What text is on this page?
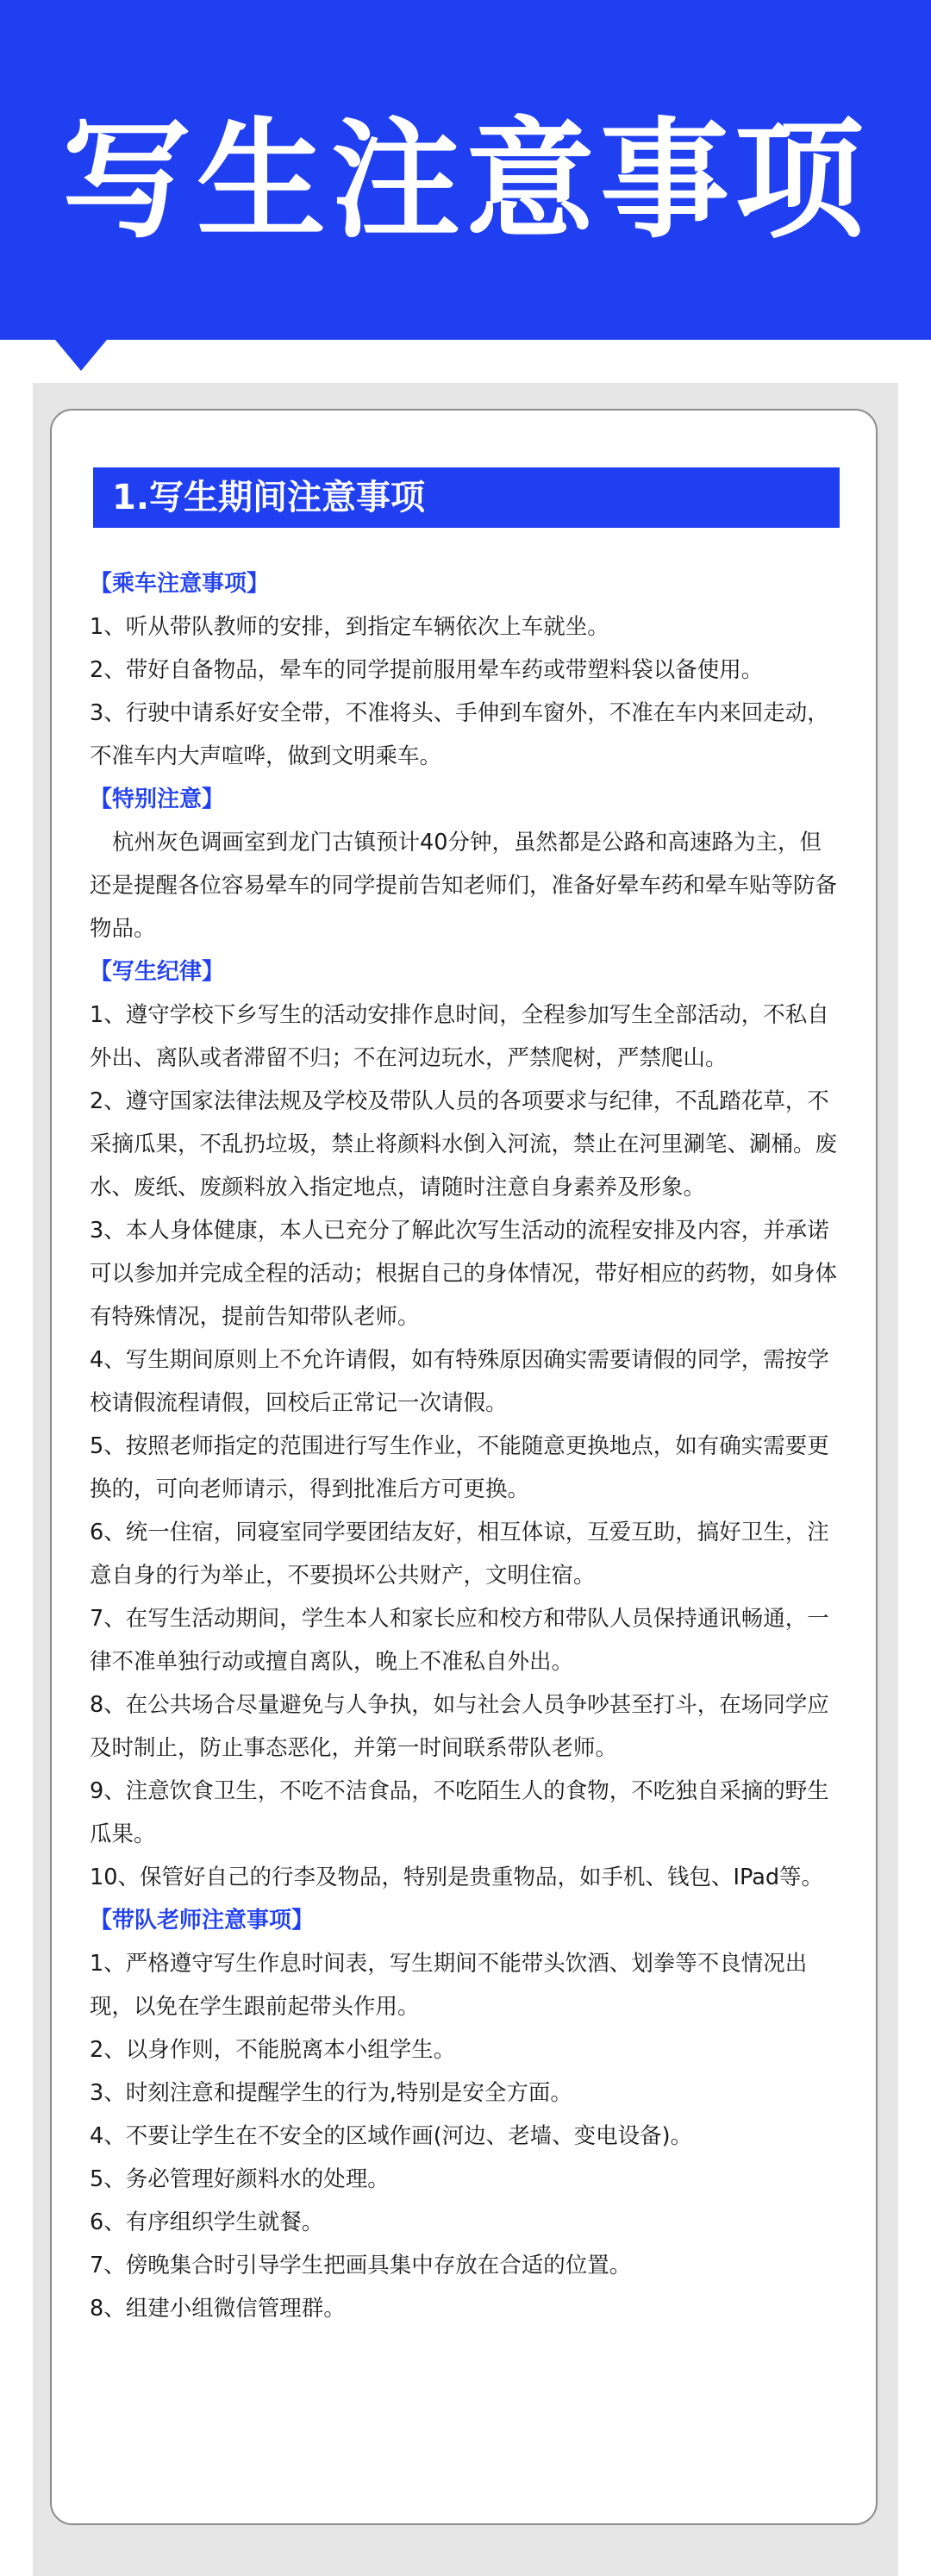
写生注意事项
1.写生期间注意事项

【乘车注意事项】

1、听从带队教师的安排，到指定车辆依次上车就坐。

2、带好自备物品，晕车的同学提前服用晕车药或带塑料袋以备使用。

3、行驶中请系好安全带，不准将头、手伸到车窗外，不准在车内来回走动，不准车内大声喧哗，做到文明乘车。

【特别注意】

杭州灰色调画室到龙门古镇预计40分钟，虽然都是公路和高速路为主，但还是提醒各位容易晕车的同学提前告知老师们，准备好晕车药和晕车贴等防备物品。

【写生纪律】

1、遵守学校下乡写生的活动安排作息时间，全程参加写生全部活动，不私自外出、离队或者滞留不归；不在河边玩水，严禁爬树，严禁爬山。

2、遵守国家法律法规及学校及带队人员的各项要求与纪律，不乱踏花草，不采摘瓜果，不乱扔垃圾，禁止将颜料水倒入河流，禁止在河里涮笔、涮桶。废水、废纸、废颜料放入指定地点，请随时注意自身素养及形象。

3、本人身体健康，本人已充分了解此次写生活动的流程安排及内容，并承诺可以参加并完成全程的活动；根据自己的身体情况，带好相应的药物，如身体有特殊情况，提前告知带队老师。

4、写生期间原则上不允许请假，如有特殊原因确实需要请假的同学，需按学校请假流程请假，回校后正常记一次请假。

5、按照老师指定的范围进行写生作业，不能随意更换地点，如有确实需要更换的，可向老师请示，得到批准后方可更换。

6、统一住宿，同寝室同学要团结友好，相互体谅，互爱互助，搞好卫生，注意自身的行为举止，不要损坏公共财产，文明住宿。

7、在写生活动期间，学生本人和家长应和校方和带队人员保持通讯畅通，一律不准单独行动或擅自离队，晚上不准私自外出。

8、在公共场合尽量避免与人争执，如与社会人员争吵甚至打斗，在场同学应及时制止，防止事态恶化，并第一时间联系带队老师。

9、注意饮食卫生，不吃不洁食品，不吃陌生人的食物，不吃独自采摘的野生瓜果。

10、保管好自己的行李及物品，特别是贵重物品，如手机、钱包、IPad等。

【带队老师注意事项】

1、严格遵守写生作息时间表，写生期间不能带头饮酒、划拳等不良情况出现，以免在学生跟前起带头作用。

2、以身作则，不能脱离本小组学生。

3、时刻注意和提醒学生的行为,特别是安全方面。

4、不要让学生在不安全的区域作画(河边、老墙、变电设备)。

5、务必管理好颜料水的处理。

6、有序组织学生就餐。

7、傍晚集合时引导学生把画具集中存放在合适的位置。

8、组建小组微信管理群。
